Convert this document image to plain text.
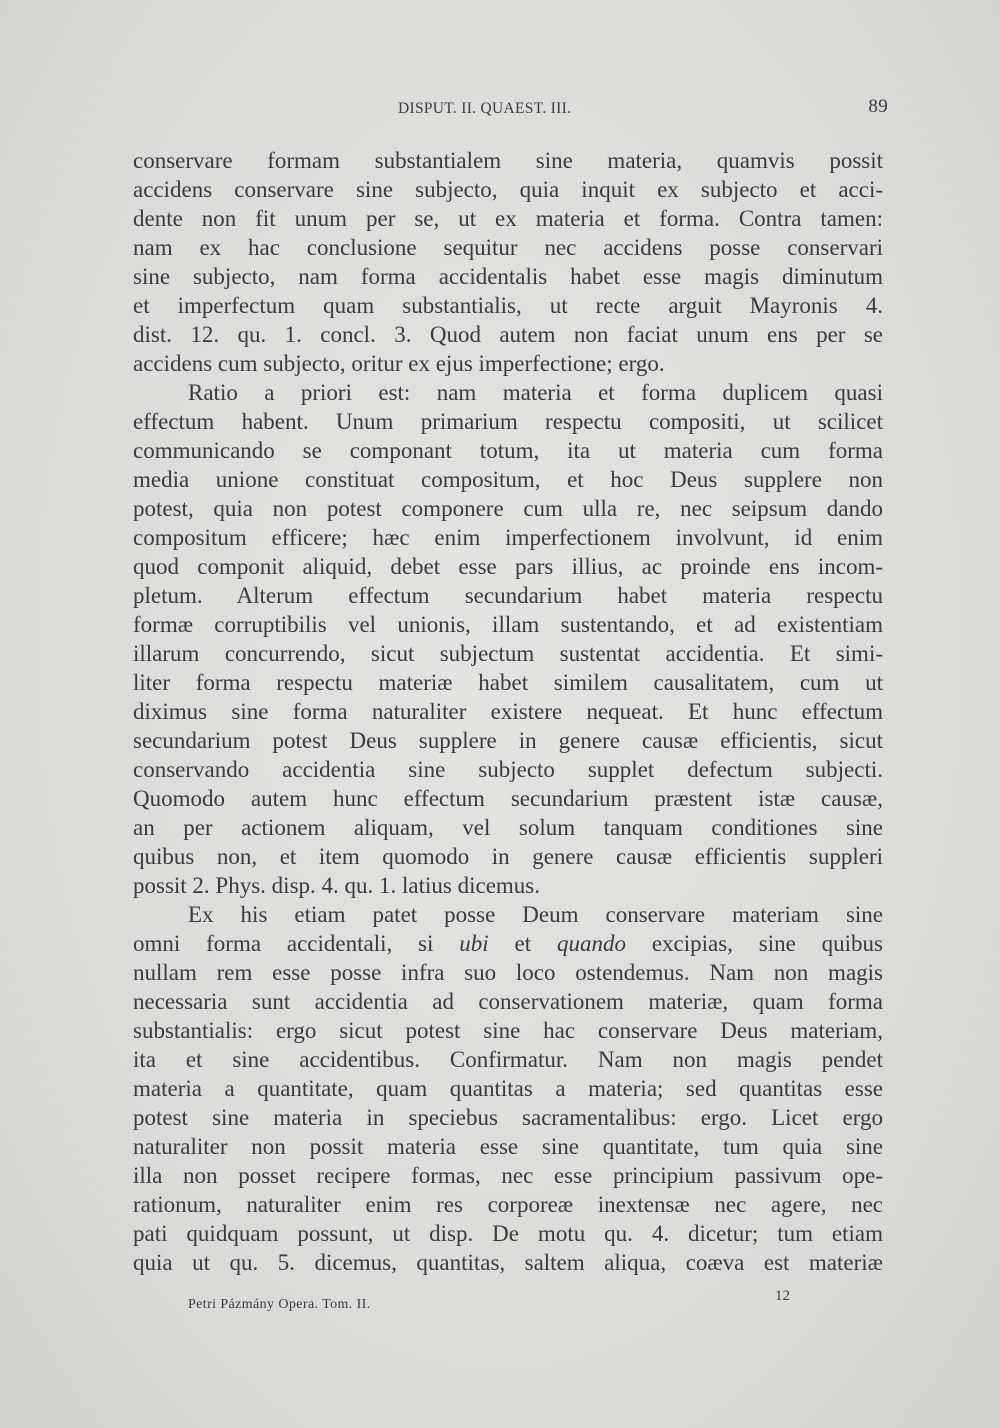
DISPUT. II. QUAEST. III.	89
conservare formam substantialem sine materia, quamvis possit
accidens conservare sine subjecto, quia inquit ex subjecto et acci-
dente non fit unum per se, ut ex materia et forma. Contra tamen:
nam ex hac conclusione sequitur nec accidens posse conservari
sine subjecto, nam forma accidentalis habet esse magis diminutum
et imperfectum quam substantialis, ut recte arguit Mayronis 4.
dist. 12. qu. 1. concl. 3. Quod autem non faciat unum ens per se
accidens cum subjecto, oritur ex ejus imperfectione; ergo.
Ratio a priori est: nam materia et forma duplicem quasi
effectum habent. Unum primarium respectu compositi, ut scilicet
communicando se componant totum, ita ut materia cum forma
media unione constituat compositum, et hoc Deus supplere non
potest, quia non potest componere cum ulla re, nec seipsum dando
compositum efficere; hæc enim imperfectionem involvunt, id enim
quod componit aliquid, debet esse pars illius, ac proinde ens incom-
pletum. Alterum effectum secundarium habet materia respectu
formæ corruptibilis vel unionis, illam sustentando, et ad existentiam
illarum concurrendo, sicut subjectum sustentat accidentia. Et simi-
liter forma respectu materiæ habet similem causalitatem, cum ut
diximus sine forma naturaliter existere nequeat. Et hunc effectum
secundarium potest Deus supplere in genere causæ efficientis, sicut
conservando accidentia sine subjecto supplet defectum subjecti.
Quomodo autem hunc effectum secundarium præstent istæ causæ,
an per actionem aliquam, vel solum tanquam conditiones sine
quibus non, et item quomodo in genere causæ efficientis suppleri
possit 2. Phys. disp. 4. qu. 1. latius dicemus.
Ex his etiam patet posse Deum conservare materiam sine
omni forma accidentali, si ubi et quando excipias, sine quibus
nullam rem esse posse infra suo loco ostendemus. Nam non magis
necessaria sunt accidentia ad conservationem materiæ, quam forma
substantialis: ergo sicut potest sine hac conservare Deus materiam,
ita et sine accidentibus. Confirmatur. Nam non magis pendet
materia a quantitate, quam quantitas a materia; sed quantitas esse
potest sine materia in speciebus sacramentalibus: ergo. Licet ergo
naturaliter non possit materia esse sine quantitate, tum quia sine
illa non posset recipere formas, nec esse principium passivum ope-
rationum, naturaliter enim res corporeæ inextensæ nec agere, nec
pati quidquam possunt, ut disp. De motu qu. 4. dicetur; tum etiam
quia ut qu. 5. dicemus, quantitas, saltem aliqua, coæva est materiæ
Petri Pázmány Opera. Tom. II.
12
